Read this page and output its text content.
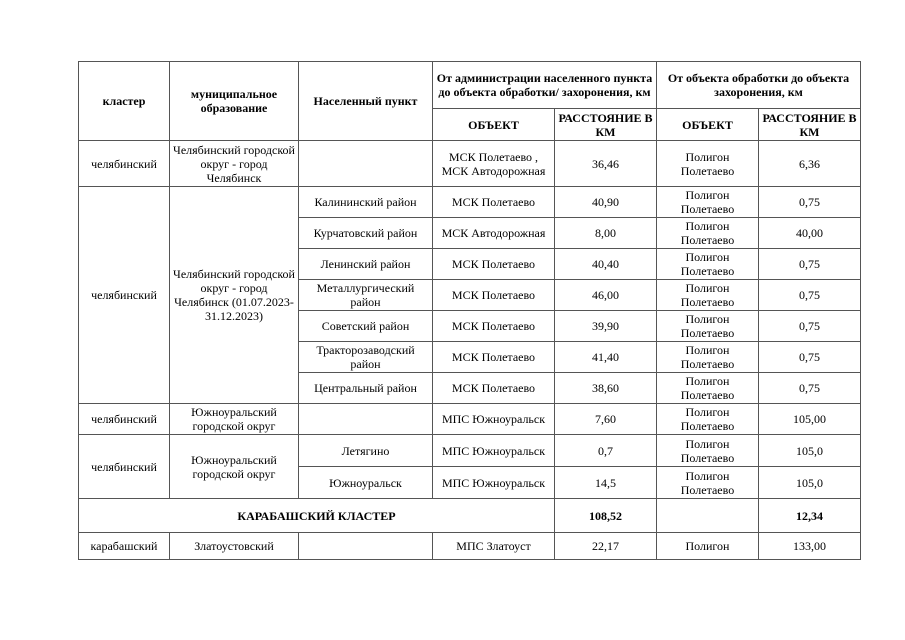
кластер	муниципальное образование	Населенный пункт	От администрации населенного пункта до объекта обработки/ захоронения, км		От объекта обработки до объекта захоронения, км	
			ОБЪЕКТ	РАССТОЯНИЕ В КМ	ОБЪЕКТ	РАССТОЯНИЕ В КМ
челябинский	Челябинский городской округ - город Челябинск		МСК Полетаево , МСК Автодорожная	36,46	Полигон Полетаево	6,36
челябинский	Челябинский городской округ - город Челябинск (01.07.2023-31.12.2023)	Калининский район	МСК Полетаево	40,90	Полигон Полетаево	0,75
		Курчатовский район	МСК Автодорожная	8,00	Полигон Полетаево	40,00
		Ленинский район	МСК Полетаево	40,40	Полигон Полетаево	0,75
		Металлургический район	МСК Полетаево	46,00	Полигон Полетаево	0,75
		Советский район	МСК Полетаево	39,90	Полигон Полетаево	0,75
		Тракторозаводский район	МСК Полетаево	41,40	Полигон Полетаево	0,75
		Центральный район	МСК Полетаево	38,60	Полигон Полетаево	0,75
челябинский	Южноуральский городской округ		МПС Южноуральск	7,60	Полигон Полетаево	105,00
челябинский	Южноуральский городской округ	Летягино	МПС Южноуральск	0,7	Полигон Полетаево	105,0
		Южноуральск	МПС Южноуральск	14,5	Полигон Полетаево	105,0
КАРАБАШСКИЙ КЛАСТЕР				108,52		12,34
карабашский	Златоустовский		МПС Златоуст	22,17	Полигон	133,00
